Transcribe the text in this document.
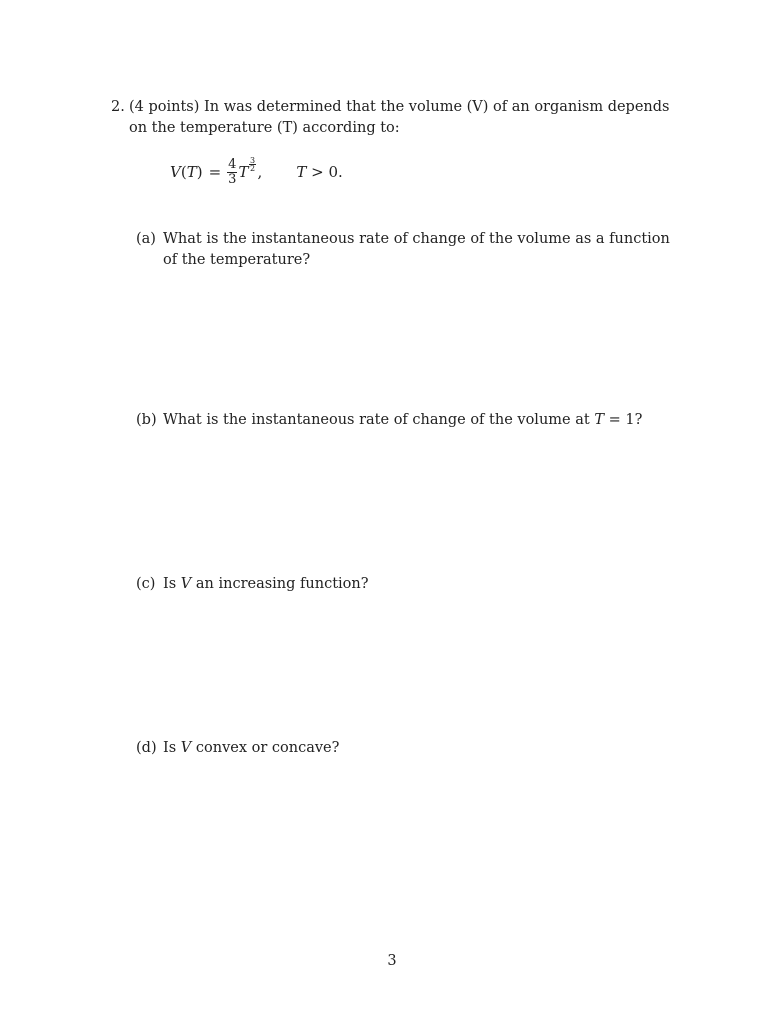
2. (4 points) In was determined that the volume (V) of an organism depends on the temperature (T) according to:
$V(T) = \frac{4}{3}$ T $\frac{3}{2}$ , T > 0.
(a) What is the instantaneous rate of change of the volume as a function of the temperature?
(b) What is the instantaneous rate of change of the volume at T = 1?
(c) Is V an increasing function?
(d) Is V convex or concave?
3
